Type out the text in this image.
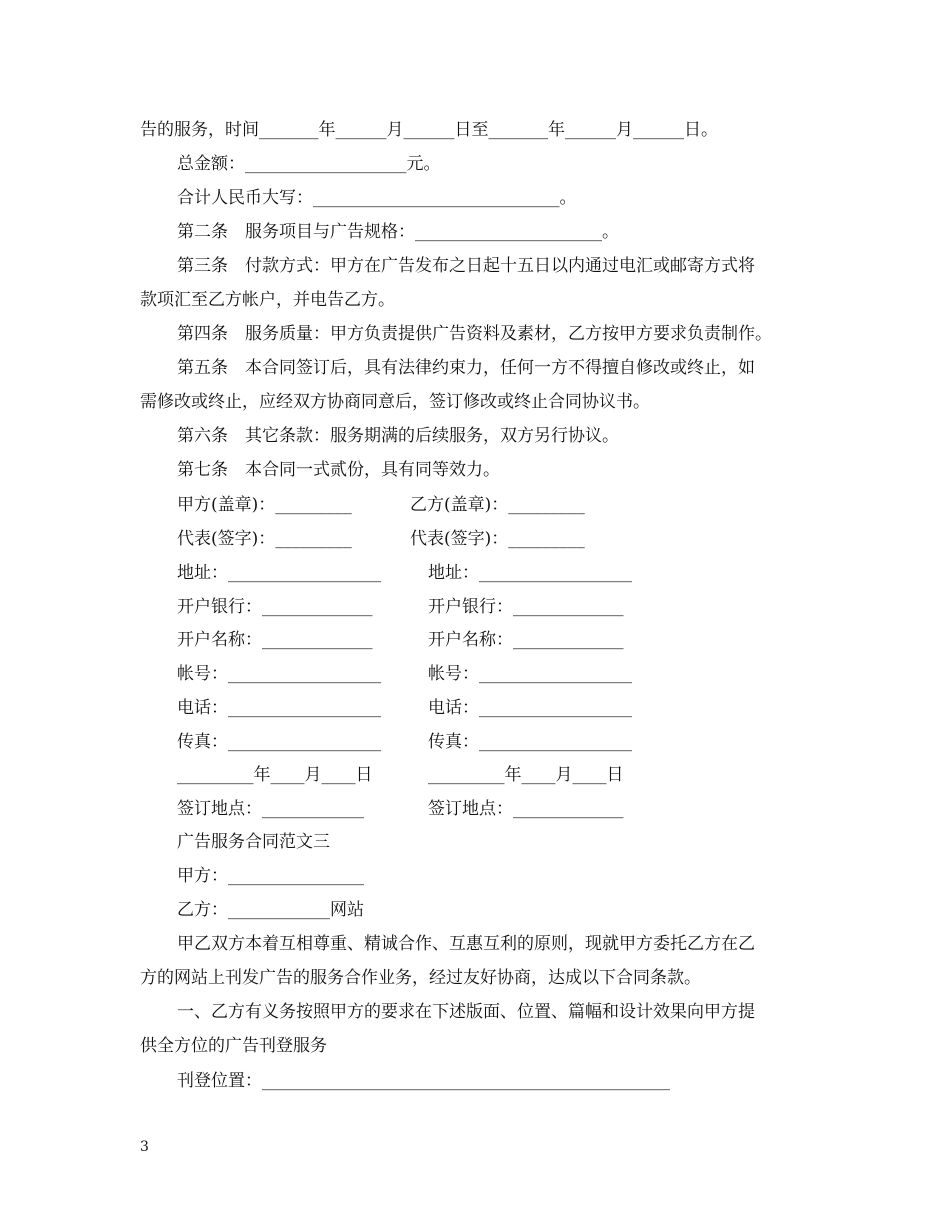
告的服务，时间_______年______月______日至_______年______月______日。
总金额：___________________元。
合计人民币大写：_____________________________。
第二条　服务项目与广告规格：______________________。
第三条　付款方式：甲方在广告发布之日起十五日以内通过电汇或邮寄方式将
款项汇至乙方帐户，并电告乙方。
第四条　服务质量：甲方负责提供广告资料及素材，乙方按甲方要求负责制作。
第五条　本合同签订后，具有法律约束力，任何一方不得擅自修改或终止，如
需修改或终止，应经双方协商同意后，签订修改或终止合同协议书。
第六条　其它条款：服务期满的后续服务，双方另行协议。
第七条　本合同一式贰份，具有同等效力。
甲方(盖章)：_________	乙方(盖章)：_________
代表(签字)：_________	代表(签字)：_________
地址：__________________	地址：__________________
开户银行：_____________	开户银行：_____________
开户名称：_____________	开户名称：_____________
帐号：__________________	帐号：__________________
电话：__________________	电话：__________________
传真：__________________	传真：__________________
_________年____月____日	_________年____月____日
签订地点：____________	签订地点：_____________
广告服务合同范文三
甲方：________________
乙方：____________网站
甲乙双方本着互相尊重、精诚合作、互惠互利的原则，现就甲方委托乙方在乙
方的网站上刊发广告的服务合作业务，经过友好协商，达成以下合同条款。
一、乙方有义务按照甲方的要求在下述版面、位置、篇幅和设计效果向甲方提
供全方位的广告刊登服务
刊登位置：________________________________________________
3
